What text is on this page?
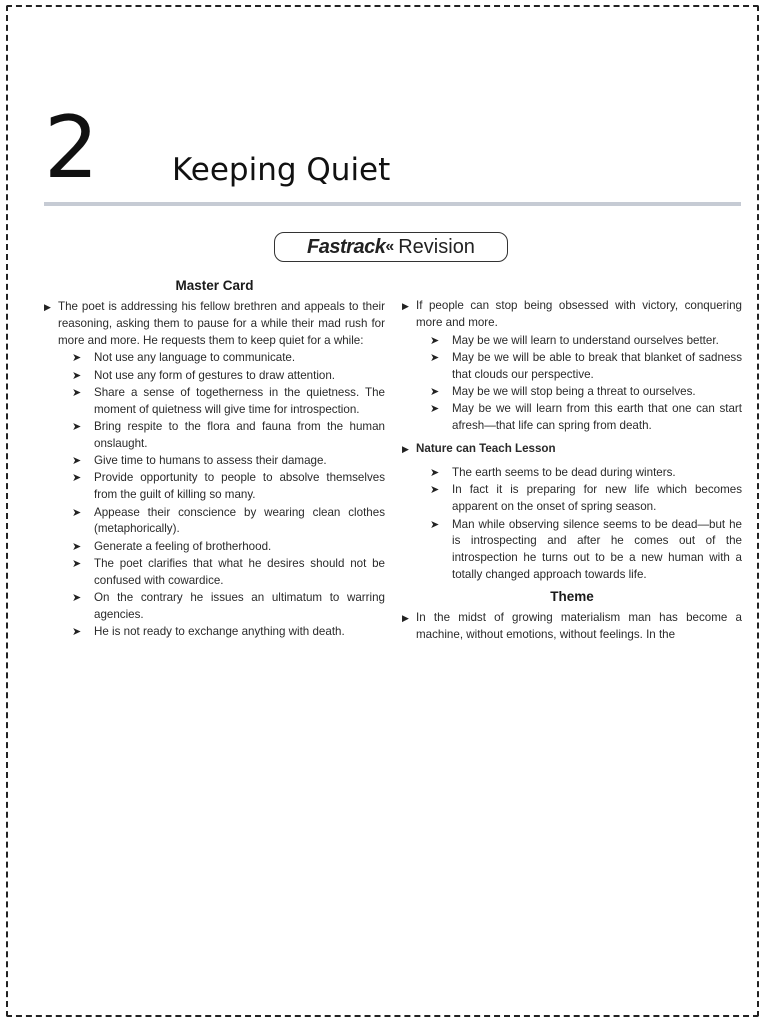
2 Keeping Quiet
Fastrack « Revision
Master Card
▶ The poet is addressing his fellow brethren and appeals to their reasoning, asking them to pause for a while their mad rush for more and more. He requests them to keep quiet for a while:
➤	Not use any language to communicate.
➤	Not use any form of gestures to draw attention.
➤	Share a sense of togetherness in the quietness. The moment of quietness will give time for introspection.
➤	Bring respite to the flora and fauna from the human onslaught.
➤	Give time to humans to assess their damage.
➤	Provide opportunity to people to absolve themselves from the guilt of killing so many.
➤	Appease their conscience by wearing clean clothes (metaphorically).
➤	Generate a feeling of brotherhood.
➤	The poet clarifies that what he desires should not be confused with cowardice.
➤	On the contrary he issues an ultimatum to warring agencies.
➤	He is not ready to exchange anything with death.
▶ If people can stop being obsessed with victory, conquering more and more.
➤	May be we will learn to understand ourselves better.
➤	May be we will be able to break that blanket of sadness that clouds our perspective.
➤	May be we will stop being a threat to ourselves.
➤	May be we will learn from this earth that one can start afresh—that life can spring from death.
▶ Nature can Teach Lesson
➤	The earth seems to be dead during winters.
➤	In fact it is preparing for new life which becomes apparent on the onset of spring season.
➤	Man while observing silence seems to be dead—but he is introspecting and after he comes out of the introspection he turns out to be a new human with a totally changed approach towards life.
Theme
▶ In the midst of growing materialism man has become a machine, without emotions, without feelings. In the
